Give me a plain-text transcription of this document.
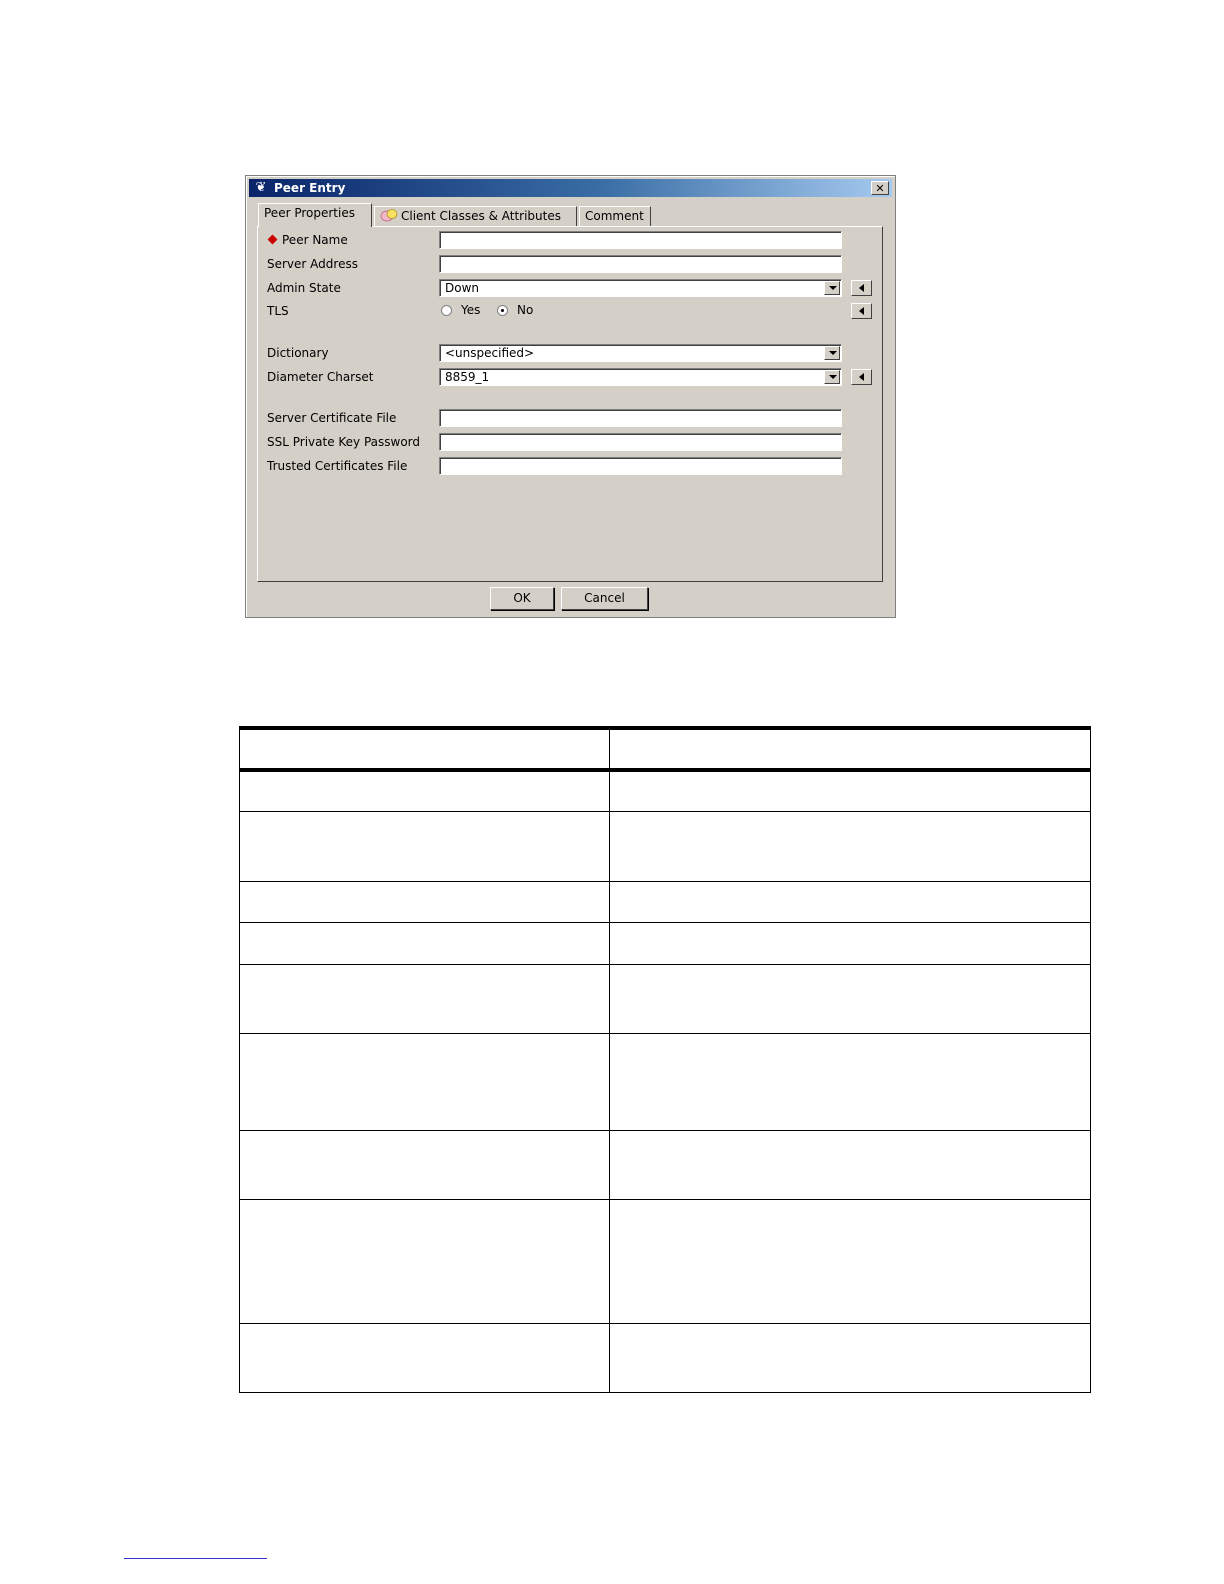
❦ Peer Entry	✕
Peer Properties	Client Classes & Attributes	Comment
Peer Name
Server Address
Admin State	Down
TLS	Yes	No
Dictionary	<unspecified>
Diameter Charset	8859_1
Server Certificate File
SSL Private Key Password
Trusted Certificates File
OK	Cancel
